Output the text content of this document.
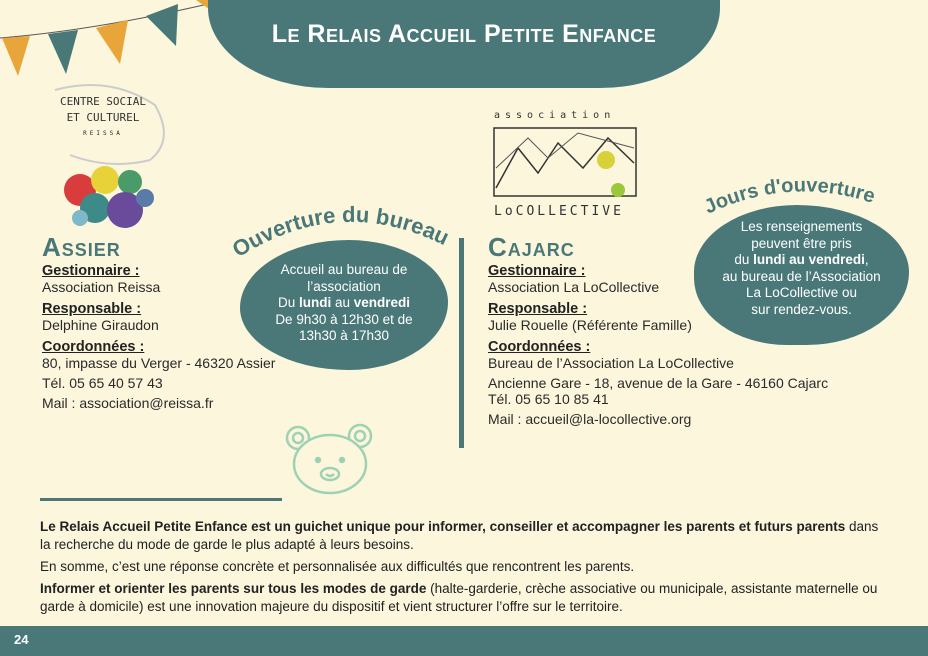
Le Relais Accueil Petite Enfance
CENTRE SOCIAL
ET CULTUREL
REISSA
association
LoCOLLECTIVE
Assier
Gestionnaire :
Association Reissa
Responsable :
Delphine Giraudon
Coordonnées :
80, impasse du Verger - 46320 Assier
Tél. 05 65 40 57 43
Mail : association@reissa.fr
Accueil au bureau de
l’association
Du lundi au vendredi
De 9h30 à 12h30 et de
13h30 à 17h30
Ouverture du bureau Cajarc
Gestionnaire :
Association La LoCollective
Responsable :
Julie Rouelle (Référente Famille)
Coordonnées :
Bureau de l’Association La LoCollective
Ancienne Gare - 18, avenue de la Gare - 46160 Cajarc
Tél. 05 65 10 85 41
Mail : accueil@la-locollective.org
Jours d'ouverture
Les renseignements
peuvent être pris
du lundi au vendredi,
au bureau de l’Association
La LoCollective ou
sur rendez-vous.
Le Relais Accueil Petite Enfance est un guichet unique pour informer, conseiller et accompagner les parents et futurs parents dans la recherche du mode de garde le plus adapté à leurs besoins.
En somme, c’est une réponse concrète et personnalisée aux difficultés que rencontrent les parents.
Informer et orienter les parents sur tous les modes de garde (halte-garderie, crèche associative ou municipale, assistante maternelle ou garde à domicile) est une innovation majeure du dispositif et vient structurer l’offre sur le territoire.
24
